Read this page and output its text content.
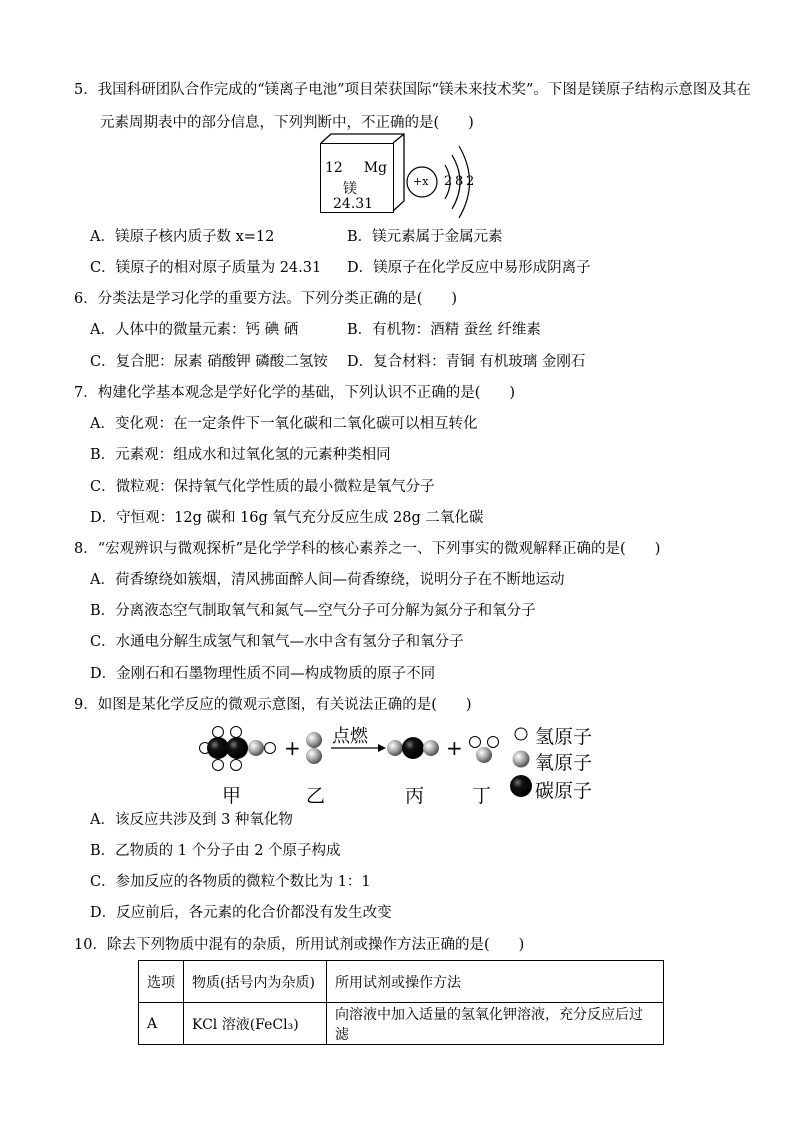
5．我国科研团队合作完成的“镁离子电池”项目荣获国际“镁未来技术奖”。下图是镁原子结构示意图及其在
元素周期表中的部分信息，下列判断中，不正确的是(　　)
12 Mg
镁
24.31
+x 2 8 2
A．镁原子核内质子数 x=12	B．镁元素属于金属元素
C．镁原子的相对原子质量为 24.31 D．镁原子在化学反应中易形成阴离子
6．分类法是学习化学的重要方法。下列分类正确的是(　　)
A．人体中的微量元素：钙 碘 硒	B．有机物：酒精 蚕丝 纤维素
C．复合肥：尿素 硝酸钾 磷酸二氢铵 D．复合材料：青铜 有机玻璃 金刚石
7．构建化学基本观念是学好化学的基础，下列认识不正确的是(　　)
A．变化观：在一定条件下一氧化碳和二氧化碳可以相互转化
B．元素观：组成水和过氧化氢的元素种类相同
C．微粒观：保持氧气化学性质的最小微粒是氧气分子
D．守恒观：12g 碳和 16g 氧气充分反应生成 28g 二氧化碳
8．“宏观辨识与微观探析”是化学学科的核心素养之一、下列事实的微观解释正确的是(　　)
A．荷香缭绕如簇烟，清风拂面醉人间—荷香缭绕，说明分子在不断地运动
B．分离液态空气制取氧气和氮气—空气分子可分解为氮分子和氧分子
C．水通电分解生成氢气和氧气—水中含有氢分子和氧分子
D．金刚石和石墨物理性质不同—构成物质的原子不同
9．如图是某化学反应的微观示意图，有关说法正确的是(　　)
+	+
点燃
甲	乙	丙	丁
氢原子
氧原子
碳原子
A．该反应共涉及到 3 种氧化物
B．乙物质的 1 个分子由 2 个原子构成
C．参加反应的各物质的微粒个数比为 1：1
D．反应前后，各元素的化合价都没有发生改变
10．除去下列物质中混有的杂质，所用试剂或操作方法正确的是(　　)
选项	物质(括号内为杂质)	所用试剂或操作方法
A	KCl 溶液(FeCl₃)	向溶液中加入适量的氢氧化钾溶液，充分反应后过滤
